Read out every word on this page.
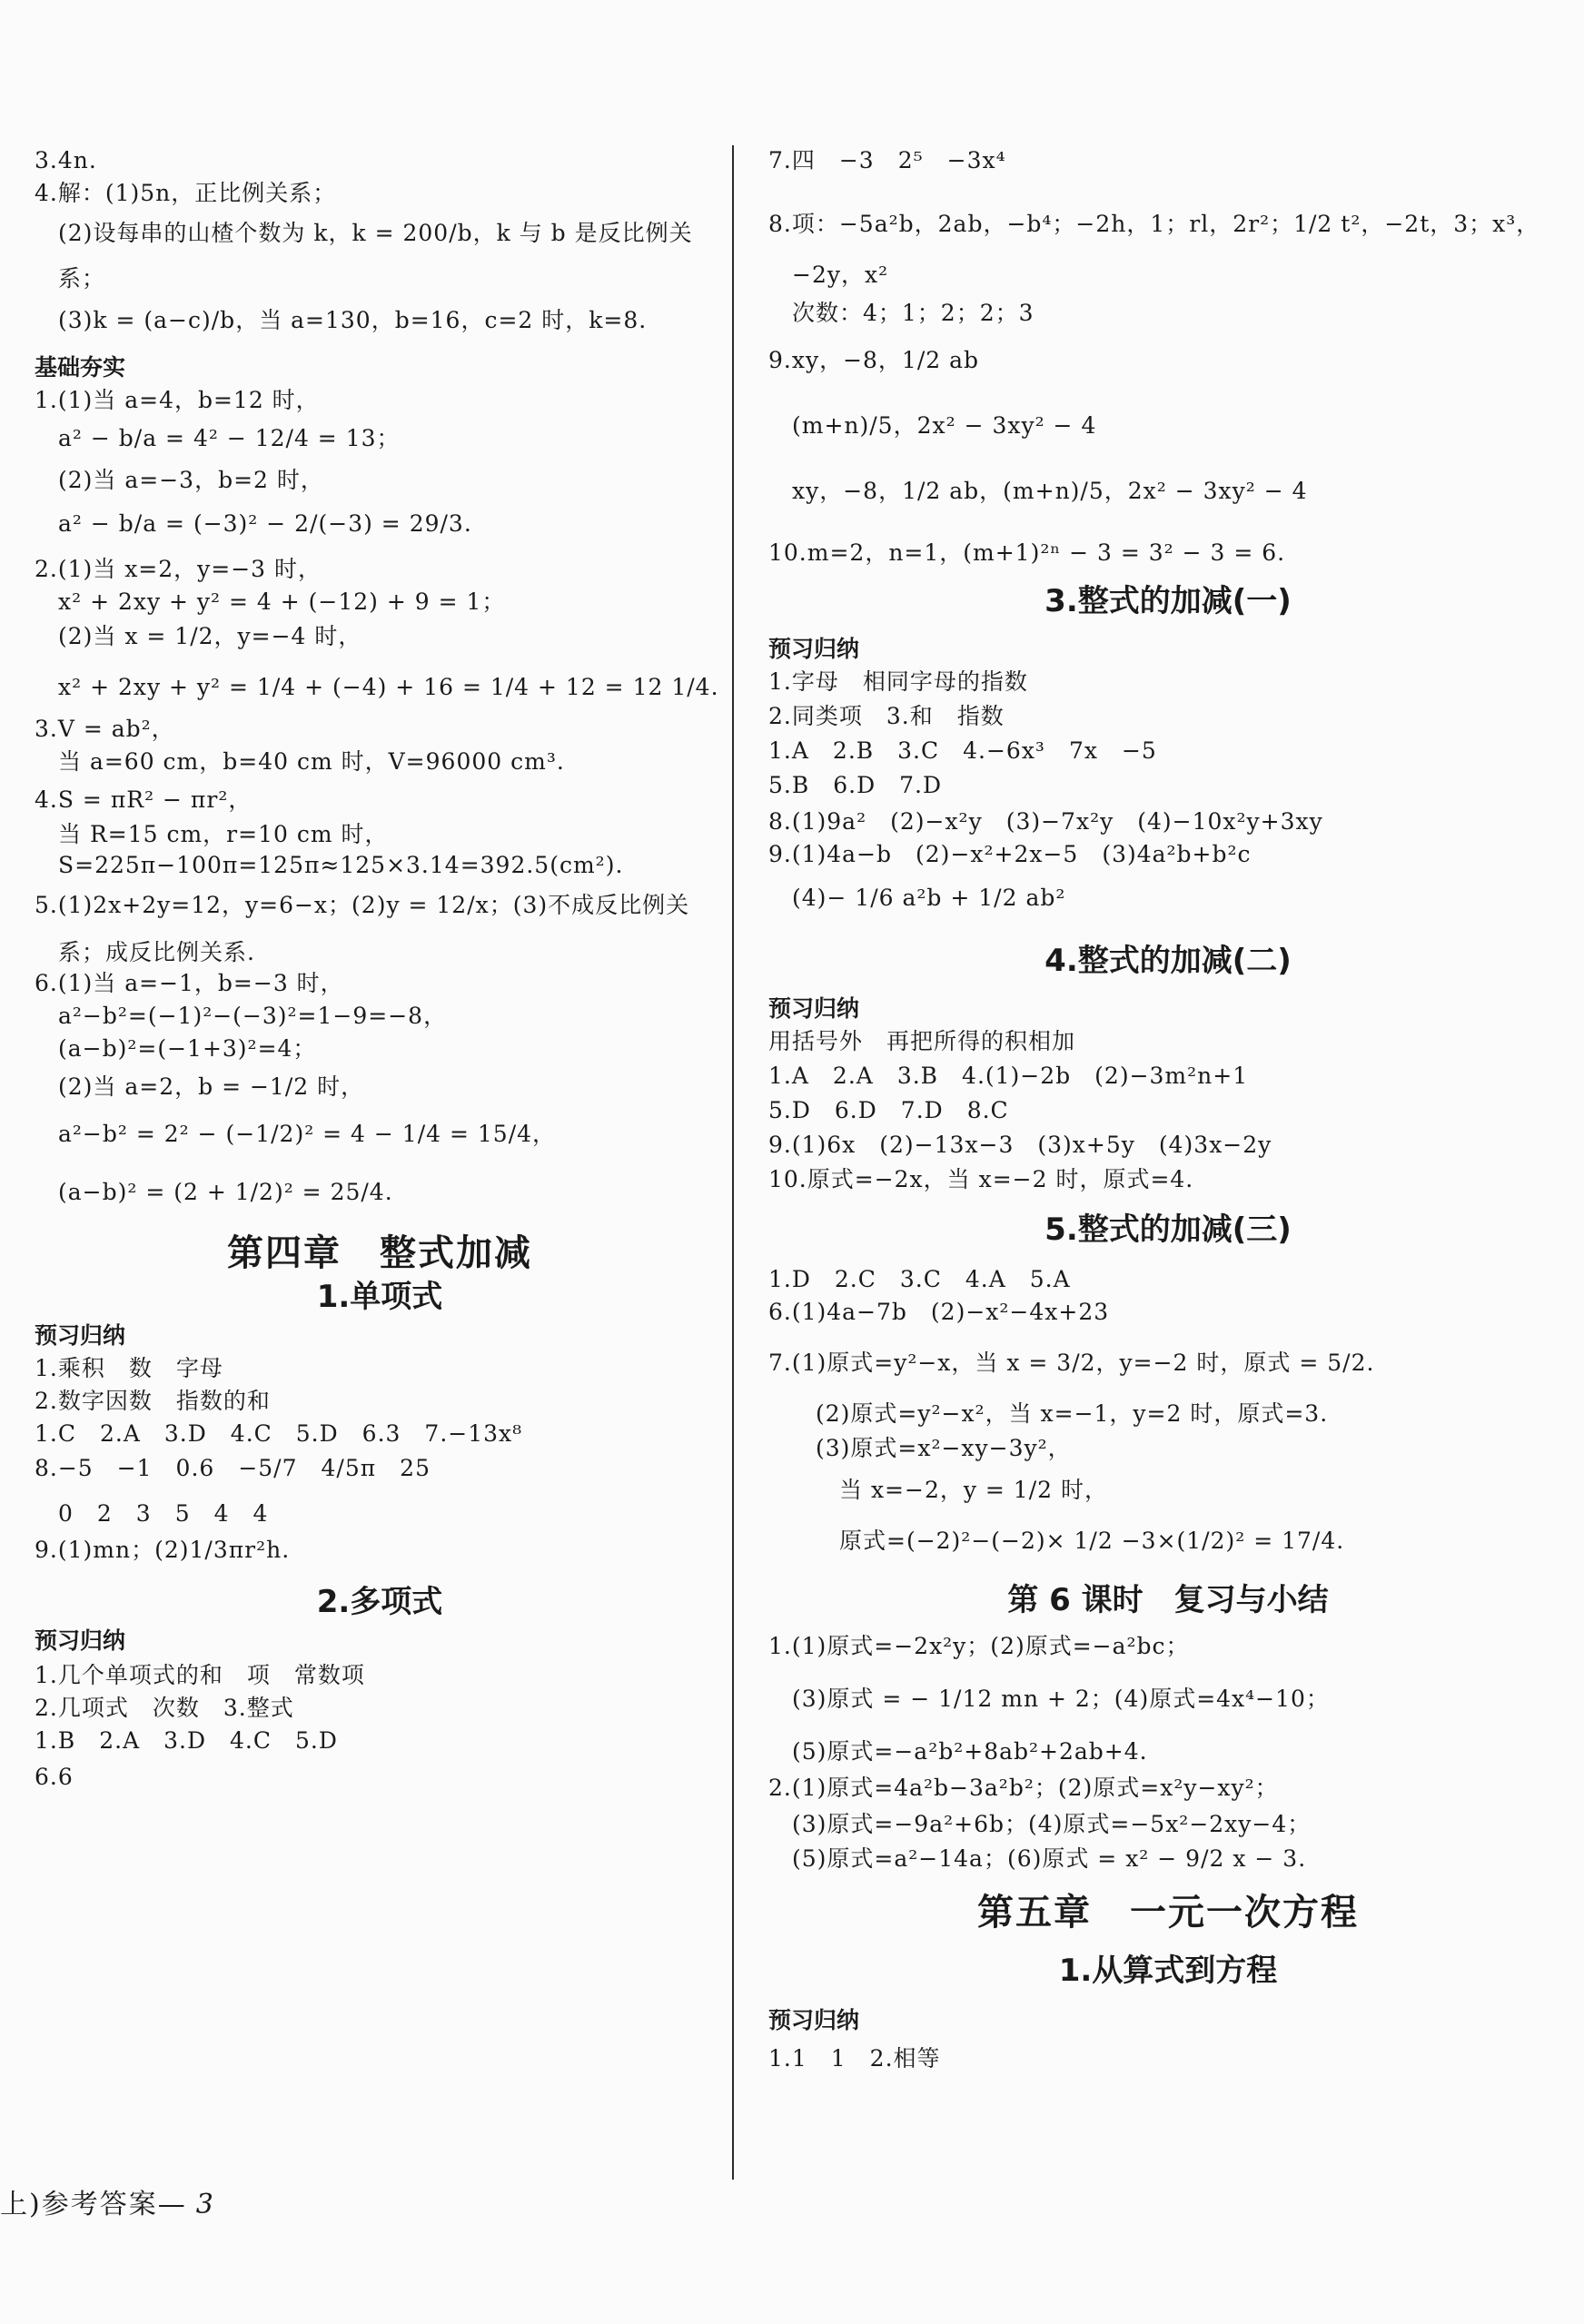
3.4n.
4.解：(1)5n，正比例关系；
(2)设每串的山楂个数为 k，k = 200/b，k 与 b 是反比例关
系；
(3)k = (a−c)/b，当 a=130，b=16，c=2 时，k=8.
基础夯实
1.(1)当 a=4，b=12 时，
a² − b/a = 4² − 12/4 = 13；
(2)当 a=−3，b=2 时，
a² − b/a = (−3)² − 2/(−3) = 29/3.
2.(1)当 x=2，y=−3 时，
x² + 2xy + y² = 4 + (−12) + 9 = 1；
(2)当 x = 1/2，y=−4 时，
x² + 2xy + y² = 1/4 + (−4) + 16 = 1/4 + 12 = 12 1/4.
3.V = ab²，
当 a=60 cm，b=40 cm 时，V=96000 cm³.
4.S = πR² − πr²，
当 R=15 cm，r=10 cm 时，
S=225π−100π=125π≈125×3.14=392.5(cm²).
5.(1)2x+2y=12，y=6−x；(2)y = 12/x；(3)不成反比例关
系；成反比例关系.
6.(1)当 a=−1，b=−3 时，
a²−b²=(−1)²−(−3)²=1−9=−8，
(a−b)²=(−1+3)²=4；
(2)当 a=2，b = −1/2 时，
a²−b² = 2² − (−1/2)² = 4 − 1/4 = 15/4，
(a−b)² = (2 + 1/2)² = 25/4.
第四章　整式加减
1.单项式
预习归纳
1.乘积　数　字母
2.数字因数　指数的和
1.C　2.A　3.D　4.C　5.D　6.3　7.−13x⁸
8.−5　−1　0.6　−5/7　4/5π　25
0　2　3　5　4　4
9.(1)mn；(2)1/3πr²h.
2.多项式
预习归纳
1.几个单项式的和　项　常数项
2.几项式　次数　3.整式
1.B　2.A　3.D　4.C　5.D
6.6
7.四　−3　2⁵　−3x⁴
8.项：−5a²b，2ab，−b⁴；−2h，1；rl，2r²；1/2 t²，−2t，3；x³，
−2y，x²
次数：4；1；2；2；3
9.xy，−8，1/2 ab
(m+n)/5，2x² − 3xy² − 4
xy，−8，1/2 ab，(m+n)/5，2x² − 3xy² − 4
10.m=2，n=1，(m+1)²ⁿ − 3 = 3² − 3 = 6.
3.整式的加减(一)
预习归纳
1.字母　相同字母的指数
2.同类项　3.和　指数
1.A　2.B　3.C　4.−6x³　7x　−5
5.B　6.D　7.D
8.(1)9a²　(2)−x²y　(3)−7x²y　(4)−10x²y+3xy
9.(1)4a−b　(2)−x²+2x−5　(3)4a²b+b²c
(4)− 1/6 a²b + 1/2 ab²
4.整式的加减(二)
预习归纳
用括号外　再把所得的积相加
1.A　2.A　3.B　4.(1)−2b　(2)−3m²n+1
5.D　6.D　7.D　8.C
9.(1)6x　(2)−13x−3　(3)x+5y　(4)3x−2y
10.原式=−2x，当 x=−2 时，原式=4.
5.整式的加减(三)
1.D　2.C　3.C　4.A　5.A
6.(1)4a−7b　(2)−x²−4x+23
7.(1)原式=y²−x，当 x = 3/2，y=−2 时，原式 = 5/2.
(2)原式=y²−x²，当 x=−1，y=2 时，原式=3.
(3)原式=x²−xy−3y²，
当 x=−2，y = 1/2 时，
原式=(−2)²−(−2)× 1/2 −3×(1/2)² = 17/4.
第 6 课时　复习与小结
1.(1)原式=−2x²y；(2)原式=−a²bc；
(3)原式 = − 1/12 mn + 2；(4)原式=4x⁴−10；
(5)原式=−a²b²+8ab²+2ab+4.
2.(1)原式=4a²b−3a²b²；(2)原式=x²y−xy²；
(3)原式=−9a²+6b；(4)原式=−5x²−2xy−4；
(5)原式=a²−14a；(6)原式 = x² − 9/2 x − 3.
第五章　一元一次方程
1.从算式到方程
预习归纳
1.1　1　2.相等
上)参考答案— 3
